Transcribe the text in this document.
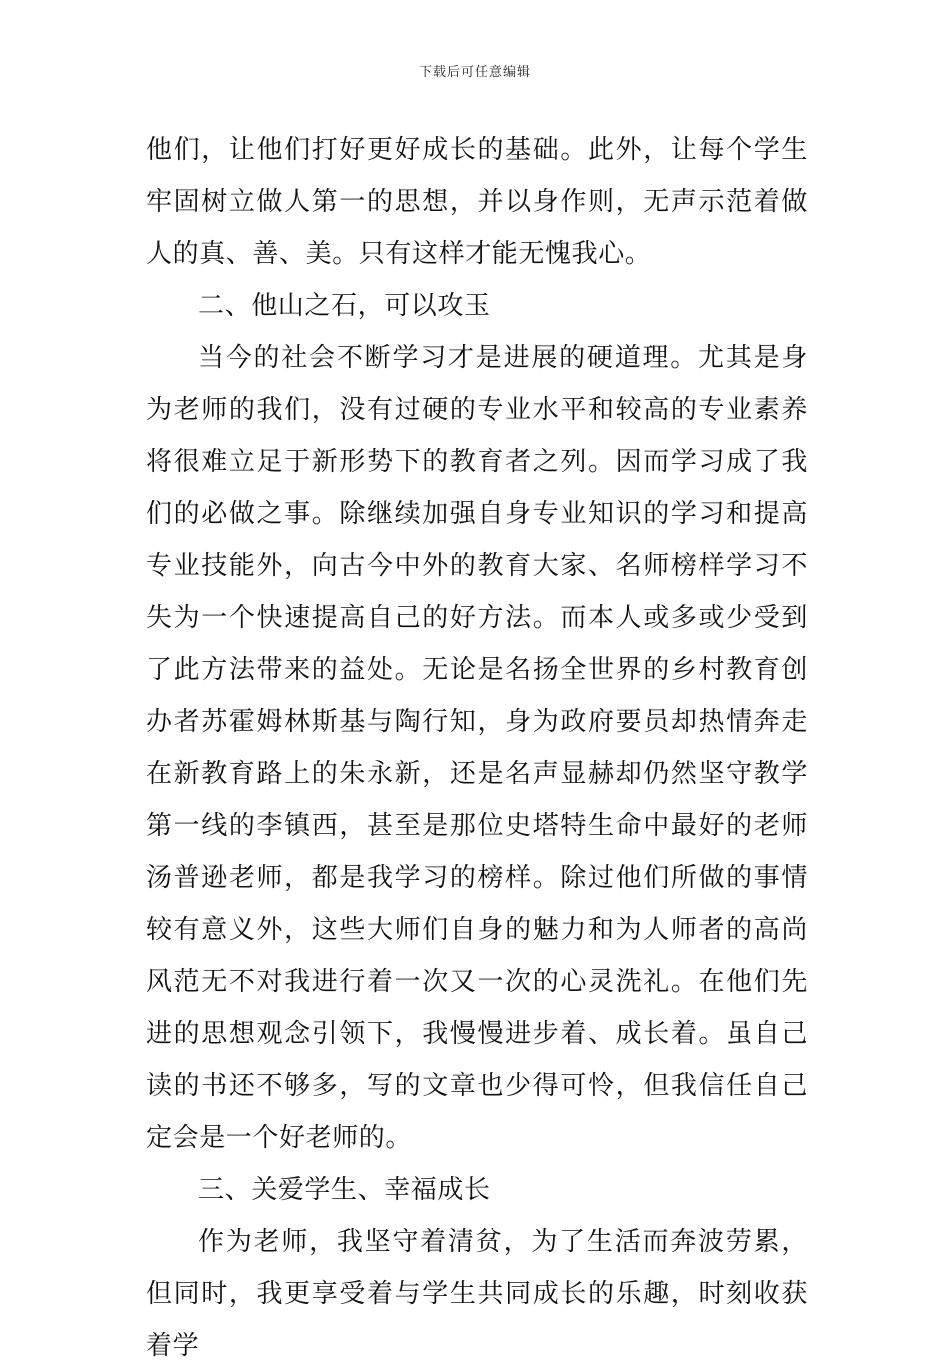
下载后可任意编辑

他们，让他们打好更好成长的基础。此外，让每个学生牢固树立做人第一的思想，并以身作则，无声示范着做人的真、善、美。只有这样才能无愧我心。

二、他山之石，可以攻玉

当今的社会不断学习才是进展的硬道理。尤其是身为老师的我们，没有过硬的专业水平和较高的专业素养将很难立足于新形势下的教育者之列。因而学习成了我们的必做之事。除继续加强自身专业知识的学习和提高专业技能外，向古今中外的教育大家、名师榜样学习不失为一个快速提高自己的好方法。而本人或多或少受到了此方法带来的益处。无论是名扬全世界的乡村教育创办者苏霍姆林斯基与陶行知，身为政府要员却热情奔走在新教育路上的朱永新，还是名声显赫却仍然坚守教学第一线的李镇西，甚至是那位史塔特生命中最好的老师汤普逊老师，都是我学习的榜样。除过他们所做的事情较有意义外，这些大师们自身的魅力和为人师者的高尚风范无不对我进行着一次又一次的心灵洗礼。在他们先进的思想观念引领下，我慢慢进步着、成长着。虽自己读的书还不够多，写的文章也少得可怜，但我信任自己定会是一个好老师的。

三、关爱学生、幸福成长

作为老师，我坚守着清贫，为了生活而奔波劳累，但同时，我更享受着与学生共同成长的乐趣，时刻收获着学
